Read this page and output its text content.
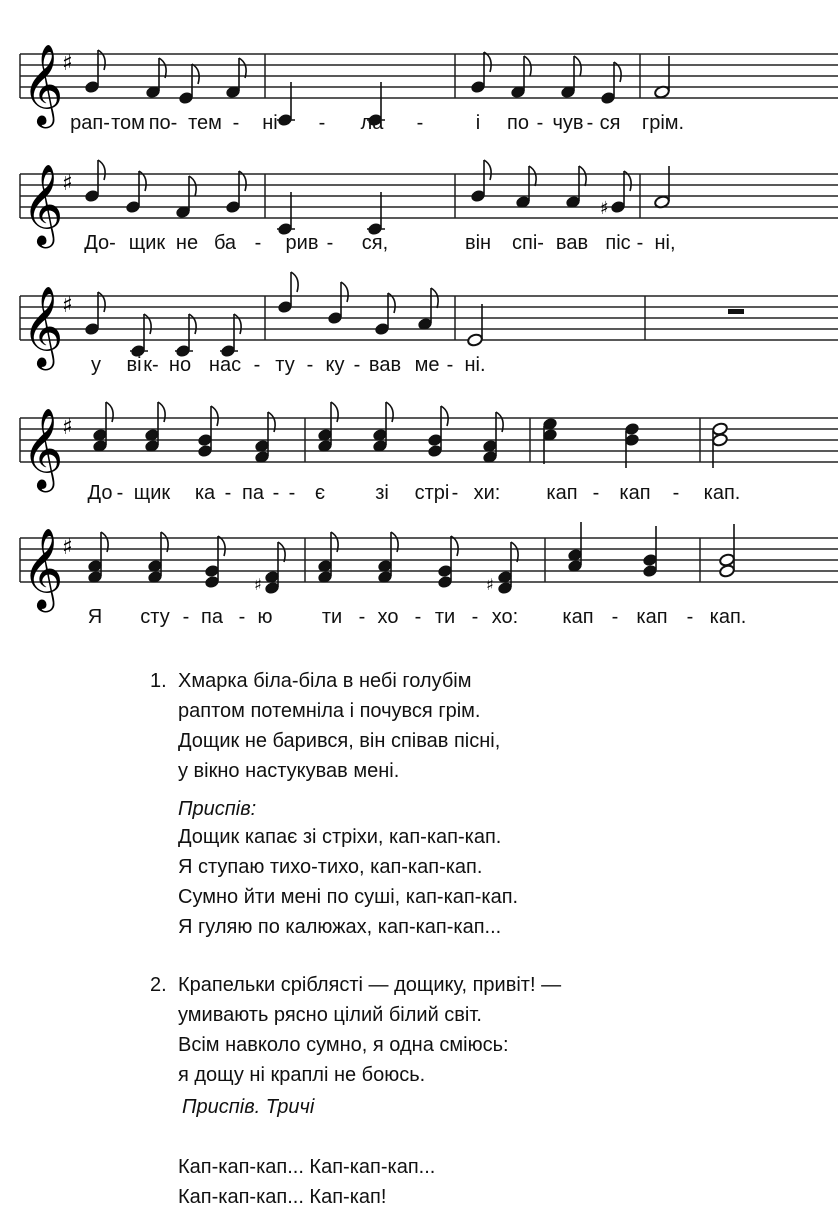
𝄞
♯
рап- том по- тем - ні - ла -	і по - чув - ся грім.
𝄞
♯
♯
До- щик не ба - рив - ся,	він спі- вав піс - ні,
𝄞
♯
у ві к- но нас - ту - ку - вав ме - ні.
𝄞
♯
До - щик ка - па - - є	зі стрі - хи: кап - кап - кап.
𝄞
♯
♯	♯
Я сту - па - ю ти - хо - ти - хо: кап - кап - кап.
1. Хмарка біла-біла в небі голубім
раптом потемніла і почувся грім.
Дощик не барився, він співав пісні,
у вікно настукував мені.
Приспів:
Дощик капає зі стріхи, кап-кап-кап.
Я ступаю тихо-тихо, кап-кап-кап.
Сумно йти мені по суші, кап-кап-кап.
Я гуляю по калюжах, кап-кап-кап...
2. Крапельки сріблясті — дощику, привіт! —
умивають рясно цілий білий світ.
Всім навколо сумно, я одна сміюсь:
я дощу ні краплі не боюсь.
Приспів. Тричі
Кап-кап-кап... Кап-кап-кап...
Кап-кап-кап... Кап-кап!
